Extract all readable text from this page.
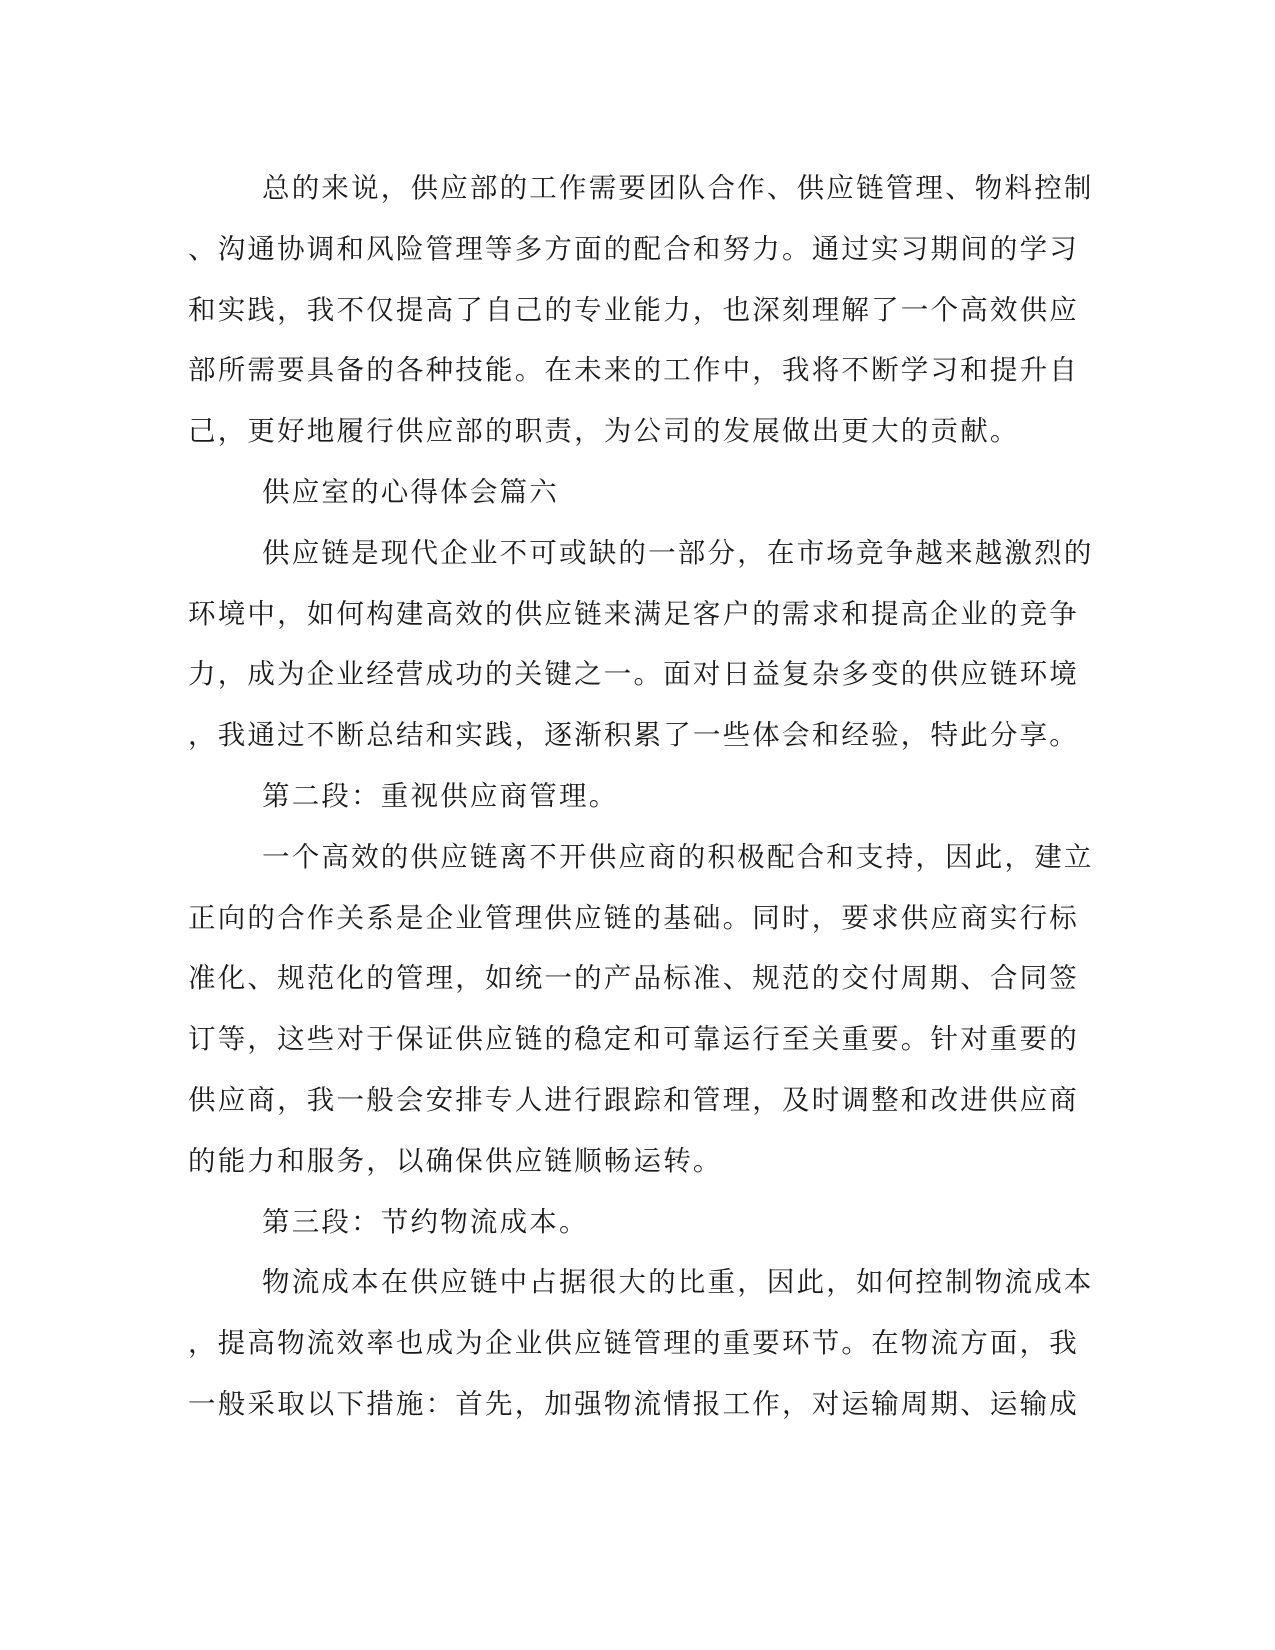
总的来说，供应部的工作需要团队合作、供应链管理、物料控制
、沟通协调和风险管理等多方面的配合和努力。通过实习期间的学习
和实践，我不仅提高了自己的专业能力，也深刻理解了一个高效供应
部所需要具备的各种技能。在未来的工作中，我将不断学习和提升自
己，更好地履行供应部的职责，为公司的发展做出更大的贡献。
供应室的心得体会篇六
供应链是现代企业不可或缺的一部分，在市场竞争越来越激烈的
环境中，如何构建高效的供应链来满足客户的需求和提高企业的竞争
力，成为企业经营成功的关键之一。面对日益复杂多变的供应链环境
，我通过不断总结和实践，逐渐积累了一些体会和经验，特此分享。
第二段：重视供应商管理。
一个高效的供应链离不开供应商的积极配合和支持，因此，建立
正向的合作关系是企业管理供应链的基础。同时，要求供应商实行标
准化、规范化的管理，如统一的产品标准、规范的交付周期、合同签
订等，这些对于保证供应链的稳定和可靠运行至关重要。针对重要的
供应商，我一般会安排专人进行跟踪和管理，及时调整和改进供应商
的能力和服务，以确保供应链顺畅运转。
第三段：节约物流成本。
物流成本在供应链中占据很大的比重，因此，如何控制物流成本
，提高物流效率也成为企业供应链管理的重要环节。在物流方面，我
一般采取以下措施：首先，加强物流情报工作，对运输周期、运输成
